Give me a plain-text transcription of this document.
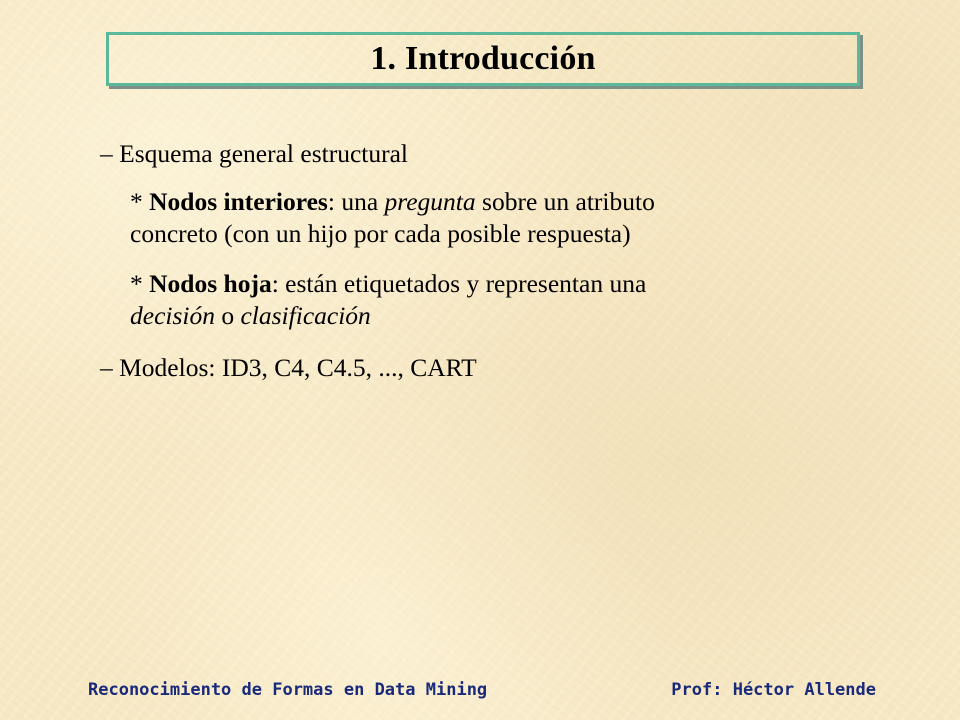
1. Introducción
– Esquema general estructural
* Nodos interiores: una pregunta sobre un atributo
concreto (con un hijo por cada posible respuesta)
* Nodos hoja: están etiquetados y representan una
decisión o clasificación
– Modelos: ID3, C4, C4.5, ..., CART
Reconocimiento de Formas en Data Mining	Prof: Héctor Allende
